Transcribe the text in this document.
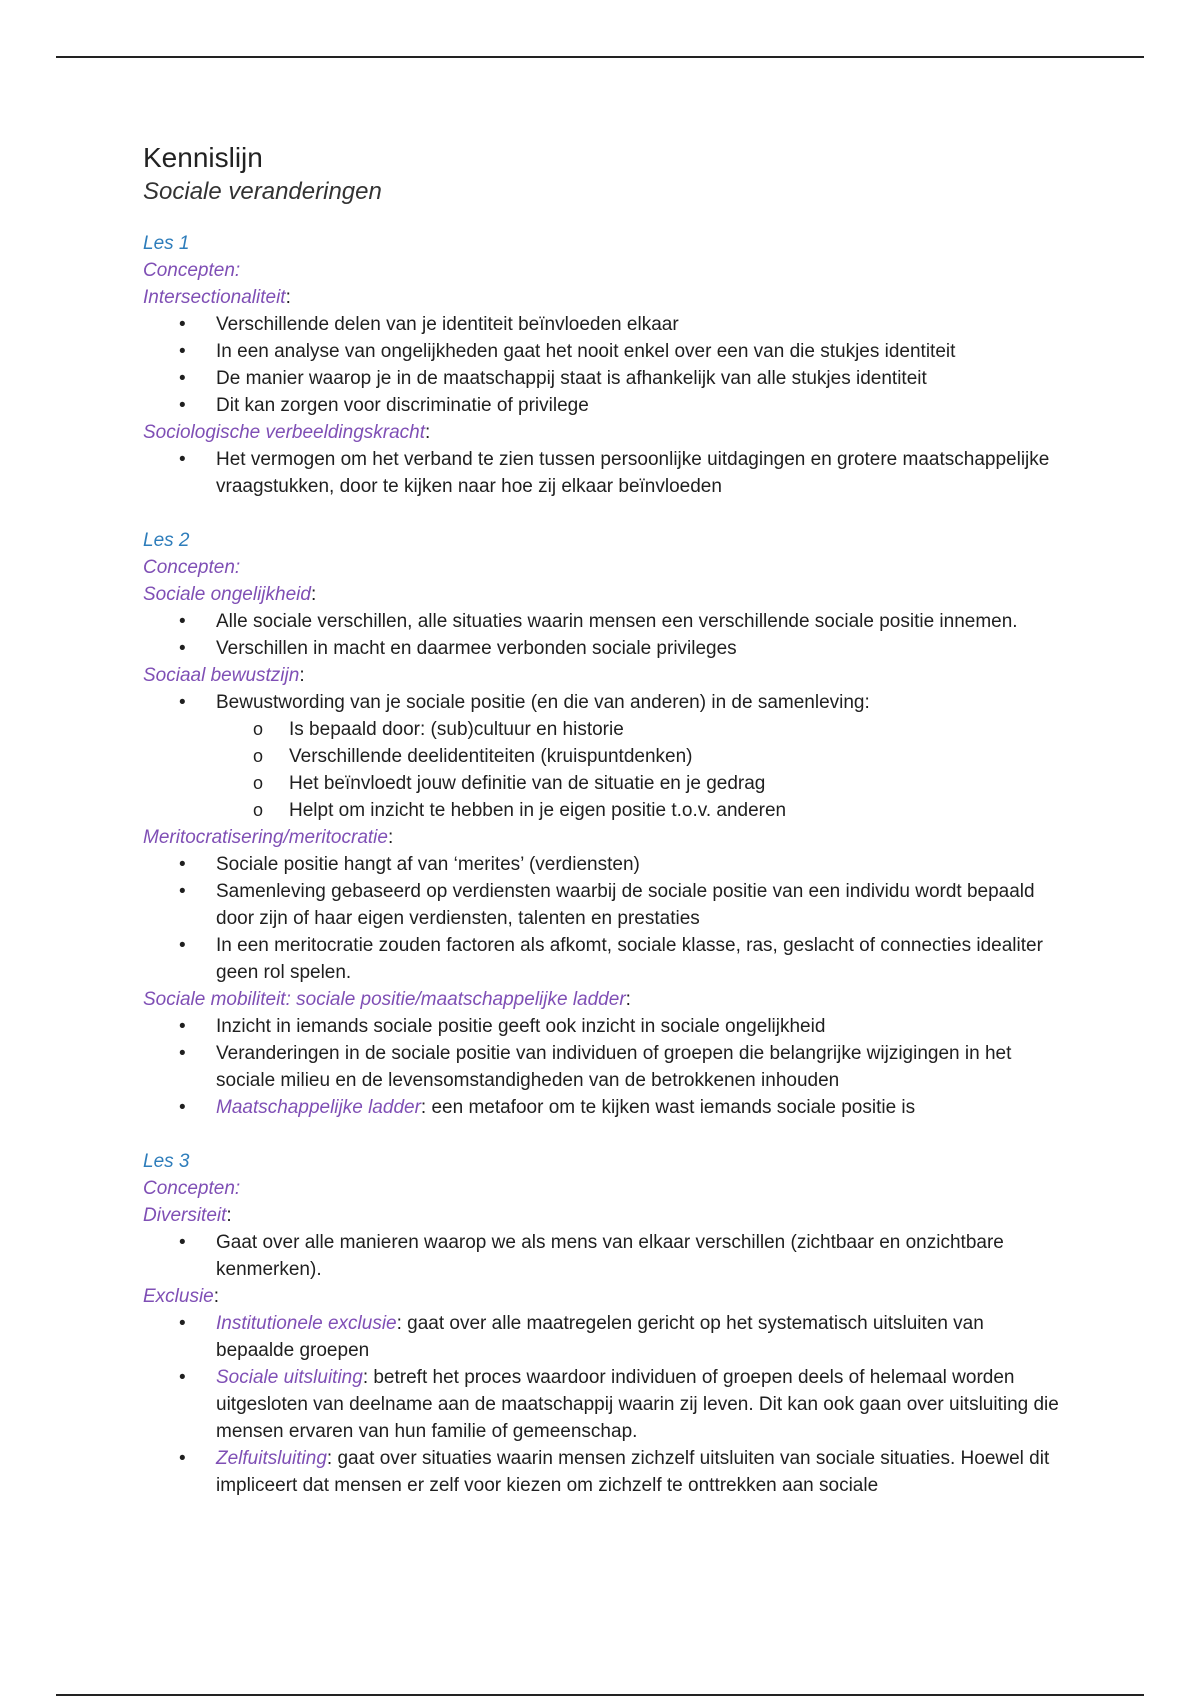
Kennislijn
Sociale veranderingen
Les 1
Concepten:
Intersectionaliteit:
• Verschillende delen van je identiteit beïnvloeden elkaar
• In een analyse van ongelijkheden gaat het nooit enkel over een van die stukjes identiteit
• De manier waarop je in de maatschappij staat is afhankelijk van alle stukjes identiteit
• Dit kan zorgen voor discriminatie of privilege
Sociologische verbeeldingskracht:
• Het vermogen om het verband te zien tussen persoonlijke uitdagingen en grotere maatschappelijke vraagstukken, door te kijken naar hoe zij elkaar beïnvloeden
Les 2
Concepten:
Sociale ongelijkheid:
• Alle sociale verschillen, alle situaties waarin mensen een verschillende sociale positie innemen.
• Verschillen in macht en daarmee verbonden sociale privileges
Sociaal bewustzijn:
• Bewustwording van je sociale positie (en die van anderen) in de samenleving:
o Is bepaald door: (sub)cultuur en historie
o Verschillende deelidentiteiten (kruispuntdenken)
o Het beïnvloedt jouw definitie van de situatie en je gedrag
o Helpt om inzicht te hebben in je eigen positie t.o.v. anderen
Meritocratisering/meritocratie:
• Sociale positie hangt af van ‘merites’ (verdiensten)
• Samenleving gebaseerd op verdiensten waarbij de sociale positie van een individu wordt bepaald door zijn of haar eigen verdiensten, talenten en prestaties
• In een meritocratie zouden factoren als afkomt, sociale klasse, ras, geslacht of connecties idealiter geen rol spelen.
Sociale mobiliteit: sociale positie/maatschappelijke ladder:
• Inzicht in iemands sociale positie geeft ook inzicht in sociale ongelijkheid
• Veranderingen in de sociale positie van individuen of groepen die belangrijke wijzigingen in het sociale milieu en de levensomstandigheden van de betrokkenen inhouden
• Maatschappelijke ladder: een metafoor om te kijken wast iemands sociale positie is
Les 3
Concepten:
Diversiteit:
• Gaat over alle manieren waarop we als mens van elkaar verschillen (zichtbaar en onzichtbare kenmerken).
Exclusie:
• Institutionele exclusie: gaat over alle maatregelen gericht op het systematisch uitsluiten van bepaalde groepen
• Sociale uitsluiting: betreft het proces waardoor individuen of groepen deels of helemaal worden uitgesloten van deelname aan de maatschappij waarin zij leven. Dit kan ook gaan over uitsluiting die mensen ervaren van hun familie of gemeenschap.
• Zelfuitsluiting: gaat over situaties waarin mensen zichzelf uitsluiten van sociale situaties. Hoewel dit impliceert dat mensen er zelf voor kiezen om zichzelf te onttrekken aan sociale
